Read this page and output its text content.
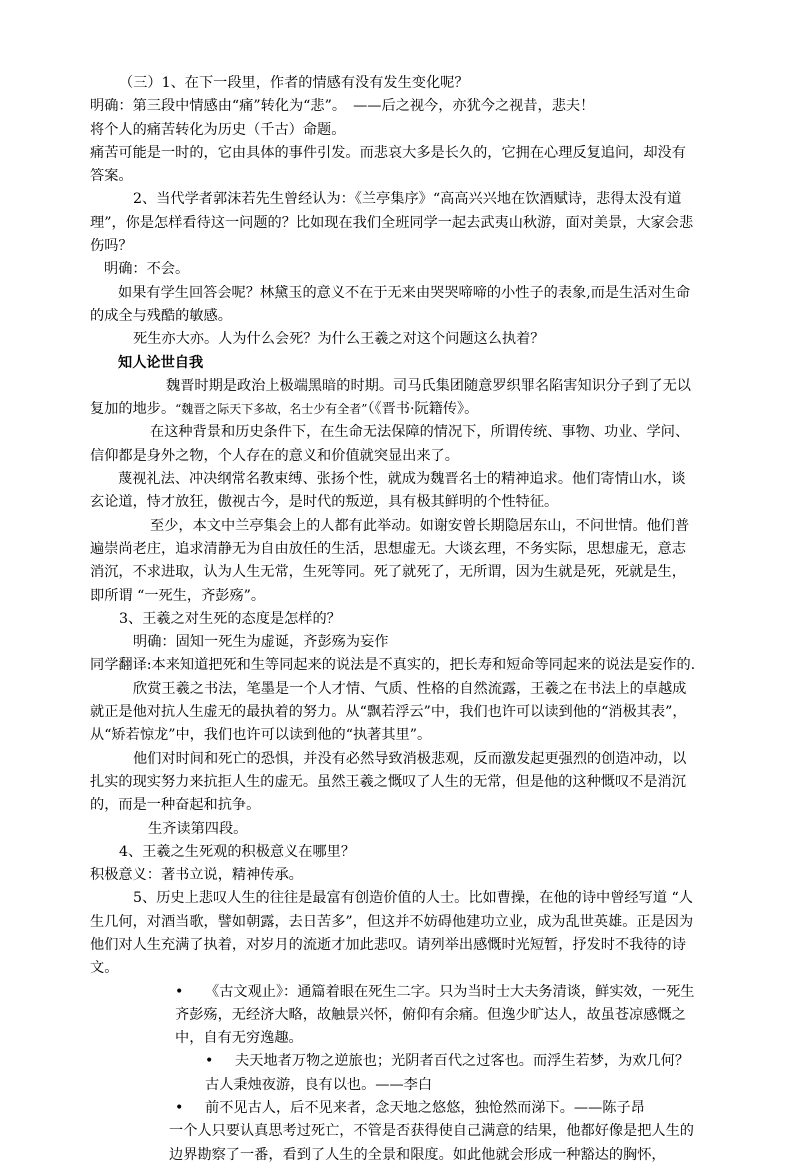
（三）1、在下一段里，作者的情感有没有发生变化呢？

明确：第三段中情感由“痛”转化为“悲”。　——后之视今，亦犹今之视昔，悲夫！

将个人的痛苦转化为历史（千古）命题。

痛苦可能是一时的，它由具体的事件引发。而悲哀大多是长久的，它拥在心理反复追问，却没有答案。

2、当代学者郭沫若先生曾经认为：《兰亭集序》“高高兴兴地在饮酒赋诗，悲得太没有道理”，你是怎样看待这一问题的？比如现在我们全班同学一起去武夷山秋游，面对美景，大家会悲伤吗？

明确：不会。

如果有学生回答会呢？林黛玉的意义不在于无来由哭哭啼啼的小性子的表象,而是生活对生命的成全与残酷的敏感。

死生亦大亦。人为什么会死？为什么王羲之对这个问题这么执着？

知人论世自我

魏晋时期是政治上极端黑暗的时期。司马氏集团随意罗织罪名陷害知识分子到了无以复加的地步。“魏晋之际天下多故，名士少有全者”（《晋书·阮籍传》。

在这种背景和历史条件下，在生命无法保障的情况下，所谓传统、事物、功业、学问、信仰都是身外之物，个人存在的意义和价值就突显出来了。

蔑视礼法、冲决纲常名教束缚、张扬个性，就成为魏晋名士的精神追求。他们寄情山水，谈玄论道，恃才放狂，傲视古今，是时代的叛逆，具有极其鲜明的个性特征。

至少，本文中兰亭集会上的人都有此举动。如谢安曾长期隐居东山，不问世情。他们普遍崇尚老庄，追求清静无为自由放任的生活，思想虚无。大谈玄理，不务实际，思想虚无，意志消沉，不求进取，认为人生无常，生死等同。死了就死了，无所谓，因为生就是死，死就是生，即所谓 “一死生，齐彭殇”。

3、王羲之对生死的态度是怎样的？

明确：固知一死生为虚诞，齐彭殇为妄作

同学翻译:本来知道把死和生等同起来的说法是不真实的，把长寿和短命等同起来的说法是妄作的.

欣赏王羲之书法，笔墨是一个人才情、气质、性格的自然流露，王羲之在书法上的卓越成就正是他对抗人生虚无的最执着的努力。从“飘若浮云”中，我们也许可以读到他的“消极其表”，从“矫若惊龙”中，我们也许可以读到他的“执著其里”。

他们对时间和死亡的恐惧，并没有必然导致消极悲观，反而激发起更强烈的创造冲动，以扎实的现实努力来抗拒人生的虚无。虽然王羲之慨叹了人生的无常，但是他的这种慨叹不是消沉的，而是一种奋起和抗争。

生齐读第四段。

4、王羲之生死观的积极意义在哪里？

积极意义：著书立说，精神传承。

5、历史上悲叹人生的往往是最富有创造价值的人士。比如曹操，在他的诗中曾经写道 “人生几何，对酒当歌，譬如朝露，去日苦多”，但这并不妨碍他建功立业，成为乱世英雄。正是因为他们对人生充满了执着，对岁月的流逝才加此悲叹。请列举出感慨时光短暂，抒发时不我待的诗文。

• 《古文观止》：通篇着眼在死生二字。只为当时士大夫务清谈，鲜实效，一死生齐彭殇，无经济大略，故触景兴怀，俯仰有余痛。但逸少旷达人，故虽苍凉感慨之中，自有无穷逸趣。

• 夫天地者万物之逆旅也；光阴者百代之过客也。而浮生若梦，为欢几何？古人秉烛夜游，良有以也。——李白

• 前不见古人，后不见来者，念天地之悠悠，独怆然而涕下。——陈子昂

一个人只要认真思考过死亡，不管是否获得使自己满意的结果，他都好像是把人生的边界勘察了一番，看到了人生的全景和限度。如此他就会形成一种豁达的胸怀，
